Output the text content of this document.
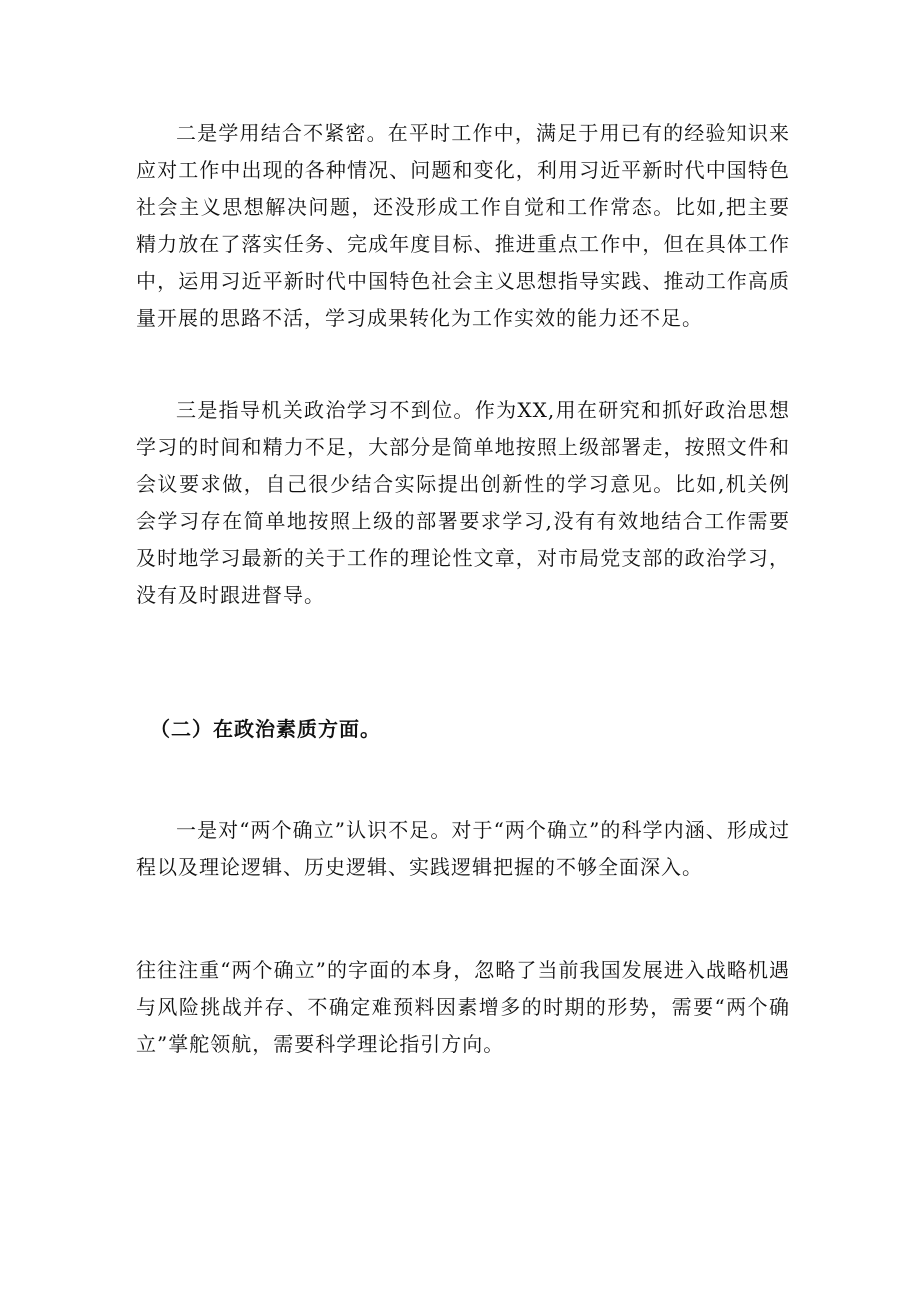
二是学用结合不紧密。在平时工作中，满足于用已有的经验知识来应对工作中出现的各种情况、问题和变化，利用习近平新时代中国特色社会主义思想解决问题，还没形成工作自觉和工作常态。比如,把主要精力放在了落实任务、完成年度目标、推进重点工作中，但在具体工作中，运用习近平新时代中国特色社会主义思想指导实践、推动工作高质量开展的思路不活，学习成果转化为工作实效的能力还不足。

三是指导机关政治学习不到位。作为XX,用在研究和抓好政治思想学习的时间和精力不足，大部分是简单地按照上级部署走，按照文件和会议要求做，自己很少结合实际提出创新性的学习意见。比如,机关例会学习存在简单地按照上级的部署要求学习,没有有效地结合工作需要及时地学习最新的关于工作的理论性文章，对市局党支部的政治学习，没有及时跟进督导。

（二）在政治素质方面。

一是对“两个确立”认识不足。对于“两个确立”的科学内涵、形成过程以及理论逻辑、历史逻辑、实践逻辑把握的不够全面深入。

往往注重“两个确立”的字面的本身，忽略了当前我国发展进入战略机遇与风险挑战并存、不确定难预料因素增多的时期的形势，需要“两个确立”掌舵领航，需要科学理论指引方向。
